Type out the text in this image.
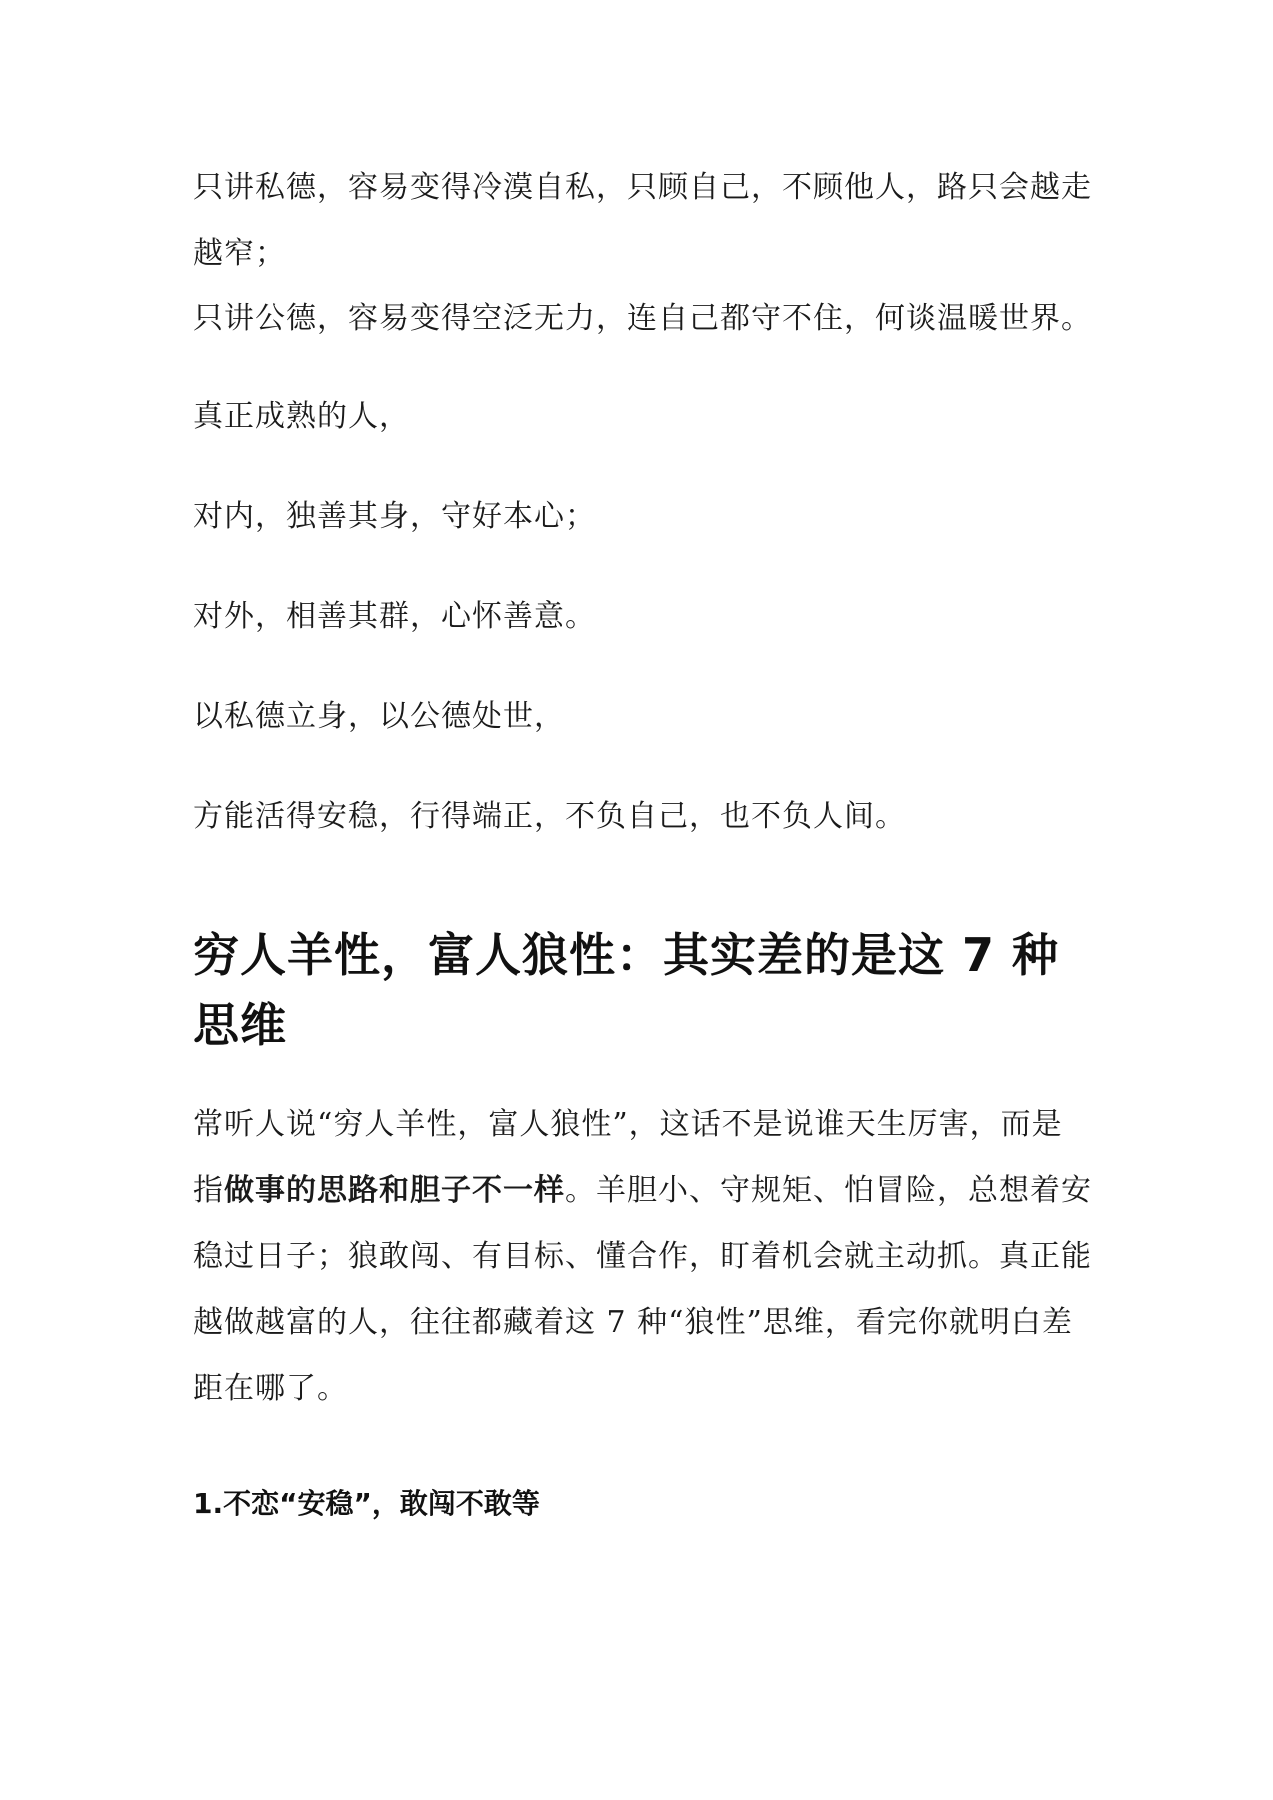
只讲私德，容易变得冷漠自私，只顾自己，不顾他人，路只会越走越窄；

只讲公德，容易变得空泛无力，连自己都守不住，何谈温暖世界。

真正成熟的人，

对内，独善其身，守好本心；

对外，相善其群，心怀善意。

以私德立身，以公德处世，

方能活得安稳，行得端正，不负自己，也不负人间。

穷人羊性，富人狼性：其实差的是这 7 种思维

常听人说“穷人羊性，富人狼性”，这话不是说谁天生厉害，而是指做事的思路和胆子不一样。羊胆小、守规矩、怕冒险，总想着安稳过日子；狼敢闯、有目标、懂合作，盯着机会就主动抓。真正能越做越富的人，往往都藏着这 7 种“狼性”思维，看完你就明白差距在哪了。

1.不恋“安稳”，敢闯不敢等
